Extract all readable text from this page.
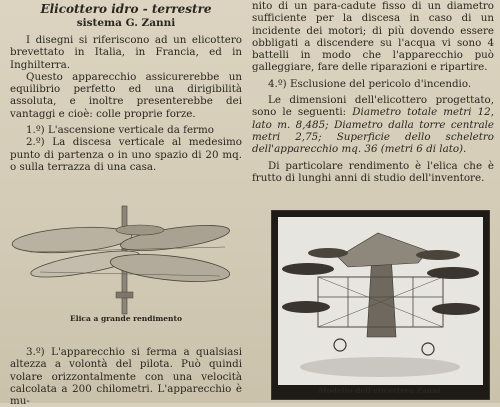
Elicottero idro - terrestre
sistema G. Zanni

I disegni si riferiscono ad un elicottero brevettato in Italia, in Francia, ed in Inghilterra.

Questo apparecchio assicurerebbe un equilibrio perfetto ed una dirigibilità assoluta, e inoltre presenterebbe dei vantaggi e cioè: colle proprie forze.

1.º) L'ascensione verticale da fermo

2.º) La discesa verticale al medesimo punto di partenza o in uno spazio di 20 mq. o sulla terrazza di una casa.

Elica a grande rendimento

3.º) L'apparecchio si ferma a qualsiasi altezza a volontà del pilota. Può quindi volare orizzontalmente con una velocità calcolata a 200 chilometri. L'apparecchio è mu-

nito di un para-cadute fisso di un diametro sufficiente per la discesa in caso di un incidente dei motori; di più dovendo essere obbligati a discendere su l'acqua vi sono 4 battelli in modo che l'apparecchio può galleggiare, fare delle riparazioni e ripartire.

4.º) Esclusione del pericolo d'incendio.

Le dimensioni dell'elicottero progettato, sono le seguenti: Diametro totale metri 12, lato m. 8,485; Diametro dalla torre centrale metri 2,75; Superficie dello scheletro dell'apparecchio mq. 36 (metri 6 di lato).

Di particolare rendimento è l'elica che è frutto di lunghi anni di studio dell'inventore.

Modello dell'elicottero Zanni
